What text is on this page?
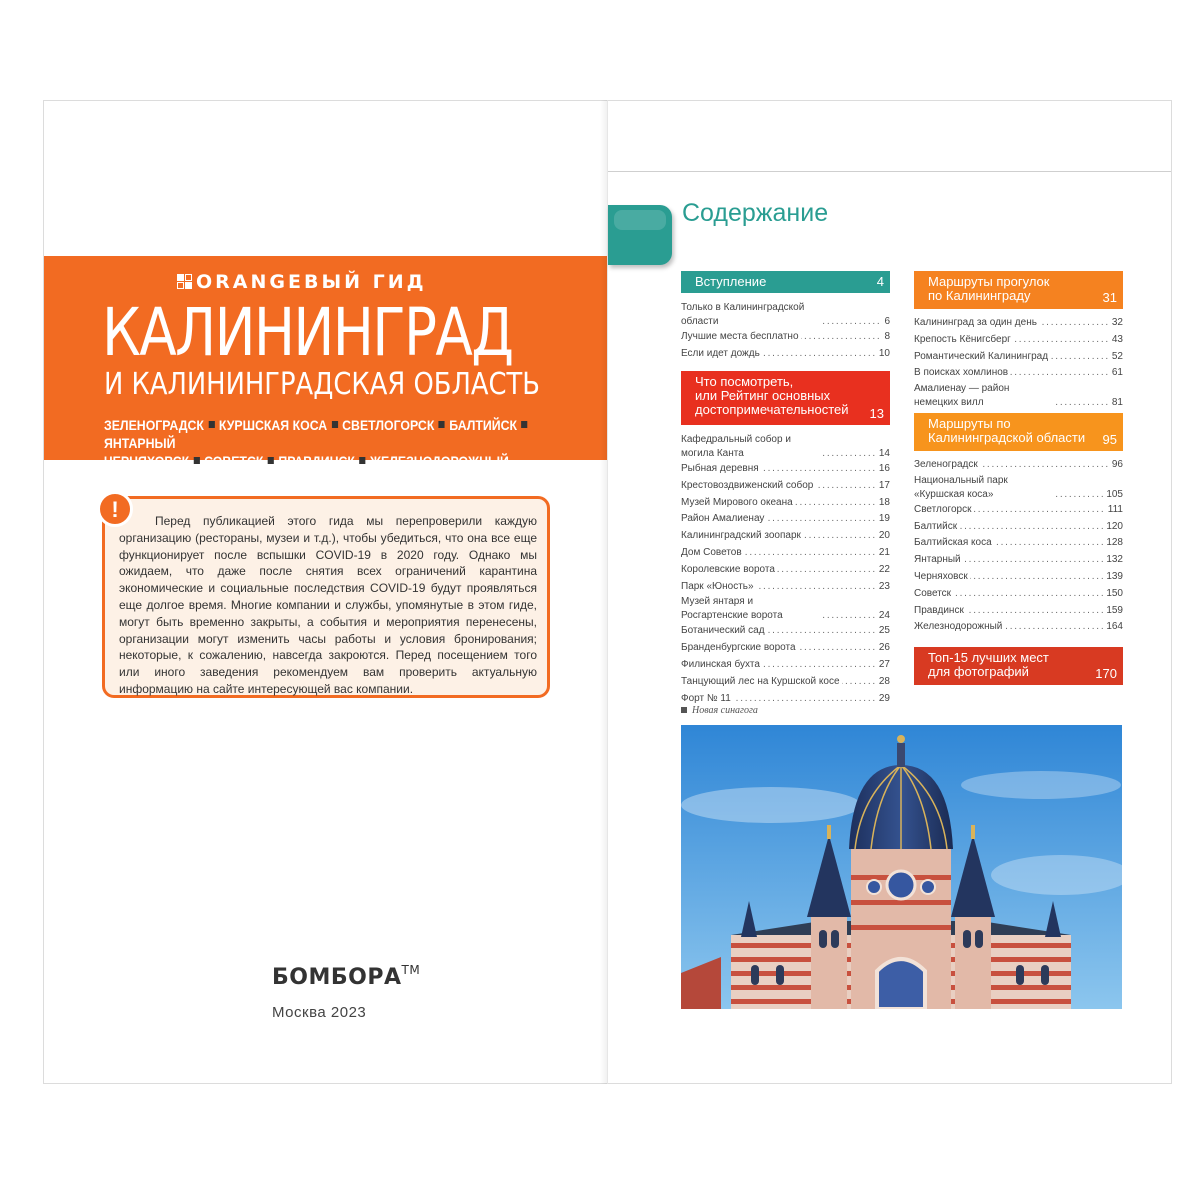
ORANGEВЫЙ ГИД
КАЛИНИНГРАД
И КАЛИНИНГРАДСКАЯ ОБЛАСТЬ
ЗЕЛЕНОГРАДСК КУРШСКАЯ КОСА СВЕТЛОГОРСК БАЛТИЙСКЯНТАРНЫЙ
ЧЕРНЯХОВСК СОВЕТСК ПРАВДИНСК ЖЕЛЕЗНОДОРОЖНЫЙ
!	Перед публикацией этого гида мы перепроверили каждую организацию (рестораны, музеи и т.д.), чтобы убедиться, что она все еще функционирует после вспышки COVID-19 в 2020 году. Однако мы ожидаем, что даже после снятия всех ограничений карантина экономические и социальные последствия COVID-19 будут проявляться еще долгое время. Многие компании и службы, упомянутые в этом гиде, могут быть временно закрыты, а события и мероприятия перенесены, организации могут изменить часы работы и условия бронирования; некоторые, к сожалению, навсегда закроются. Перед посещением того или иного заведения рекомендуем вам проверить актуальную информацию на сайте интересующей вас компании.

БОМБОРА™
Москва 2023
Содержание
Вступление	4
. . . Только в Калининградской области	6
. . . Лучшие места бесплатно	8
. . . Если идет дождь	10
Что посмотреть,
или Рейтинг основных
достопримечательностей	13
. . . Кафедральный собор и могила Канта	14
. . . Рыбная деревня	16
. . . Крестовоздвиженский собор	17
. . . Музей Мирового океана	18
. . . Район Амалиенау	19
. . . Калининградский зоопарк	20
. . . Дом Советов	21
. . . Королевские ворота	22
. . . Парк «Юность»	23
. . . Музей янтаря и Росгартенские ворота	24
. . . Ботанический сад	25
. . . Бранденбургские ворота	26
. . . Филинская бухта	27
. . . Танцующий лес на Куршской косе	28
. . . Форт № 11	29
Маршруты прогулок
по Калининграду	31
. . . Калининград за один день	32
. . . Крепость Кёнигсберг	43
. . . Романтический Калининград	52
. . . В поисках хомлинов	61
. . . Амалиенау — район немецких вилл	81
Маршруты по
Калининградской области	95
. . . Зеленоградск	96
. . . Национальный парк «Куршская коса»	105
. . . Светлогорск	111
. . . Балтийск	120
. . . Балтийская коса	128
. . . Янтарный	132
. . . Черняховск	139
. . . Советск	150
. . . Правдинск	159
. . . Железнодорожный	164
Топ-15 лучших мест
для фотографий	170
Новая синагога
